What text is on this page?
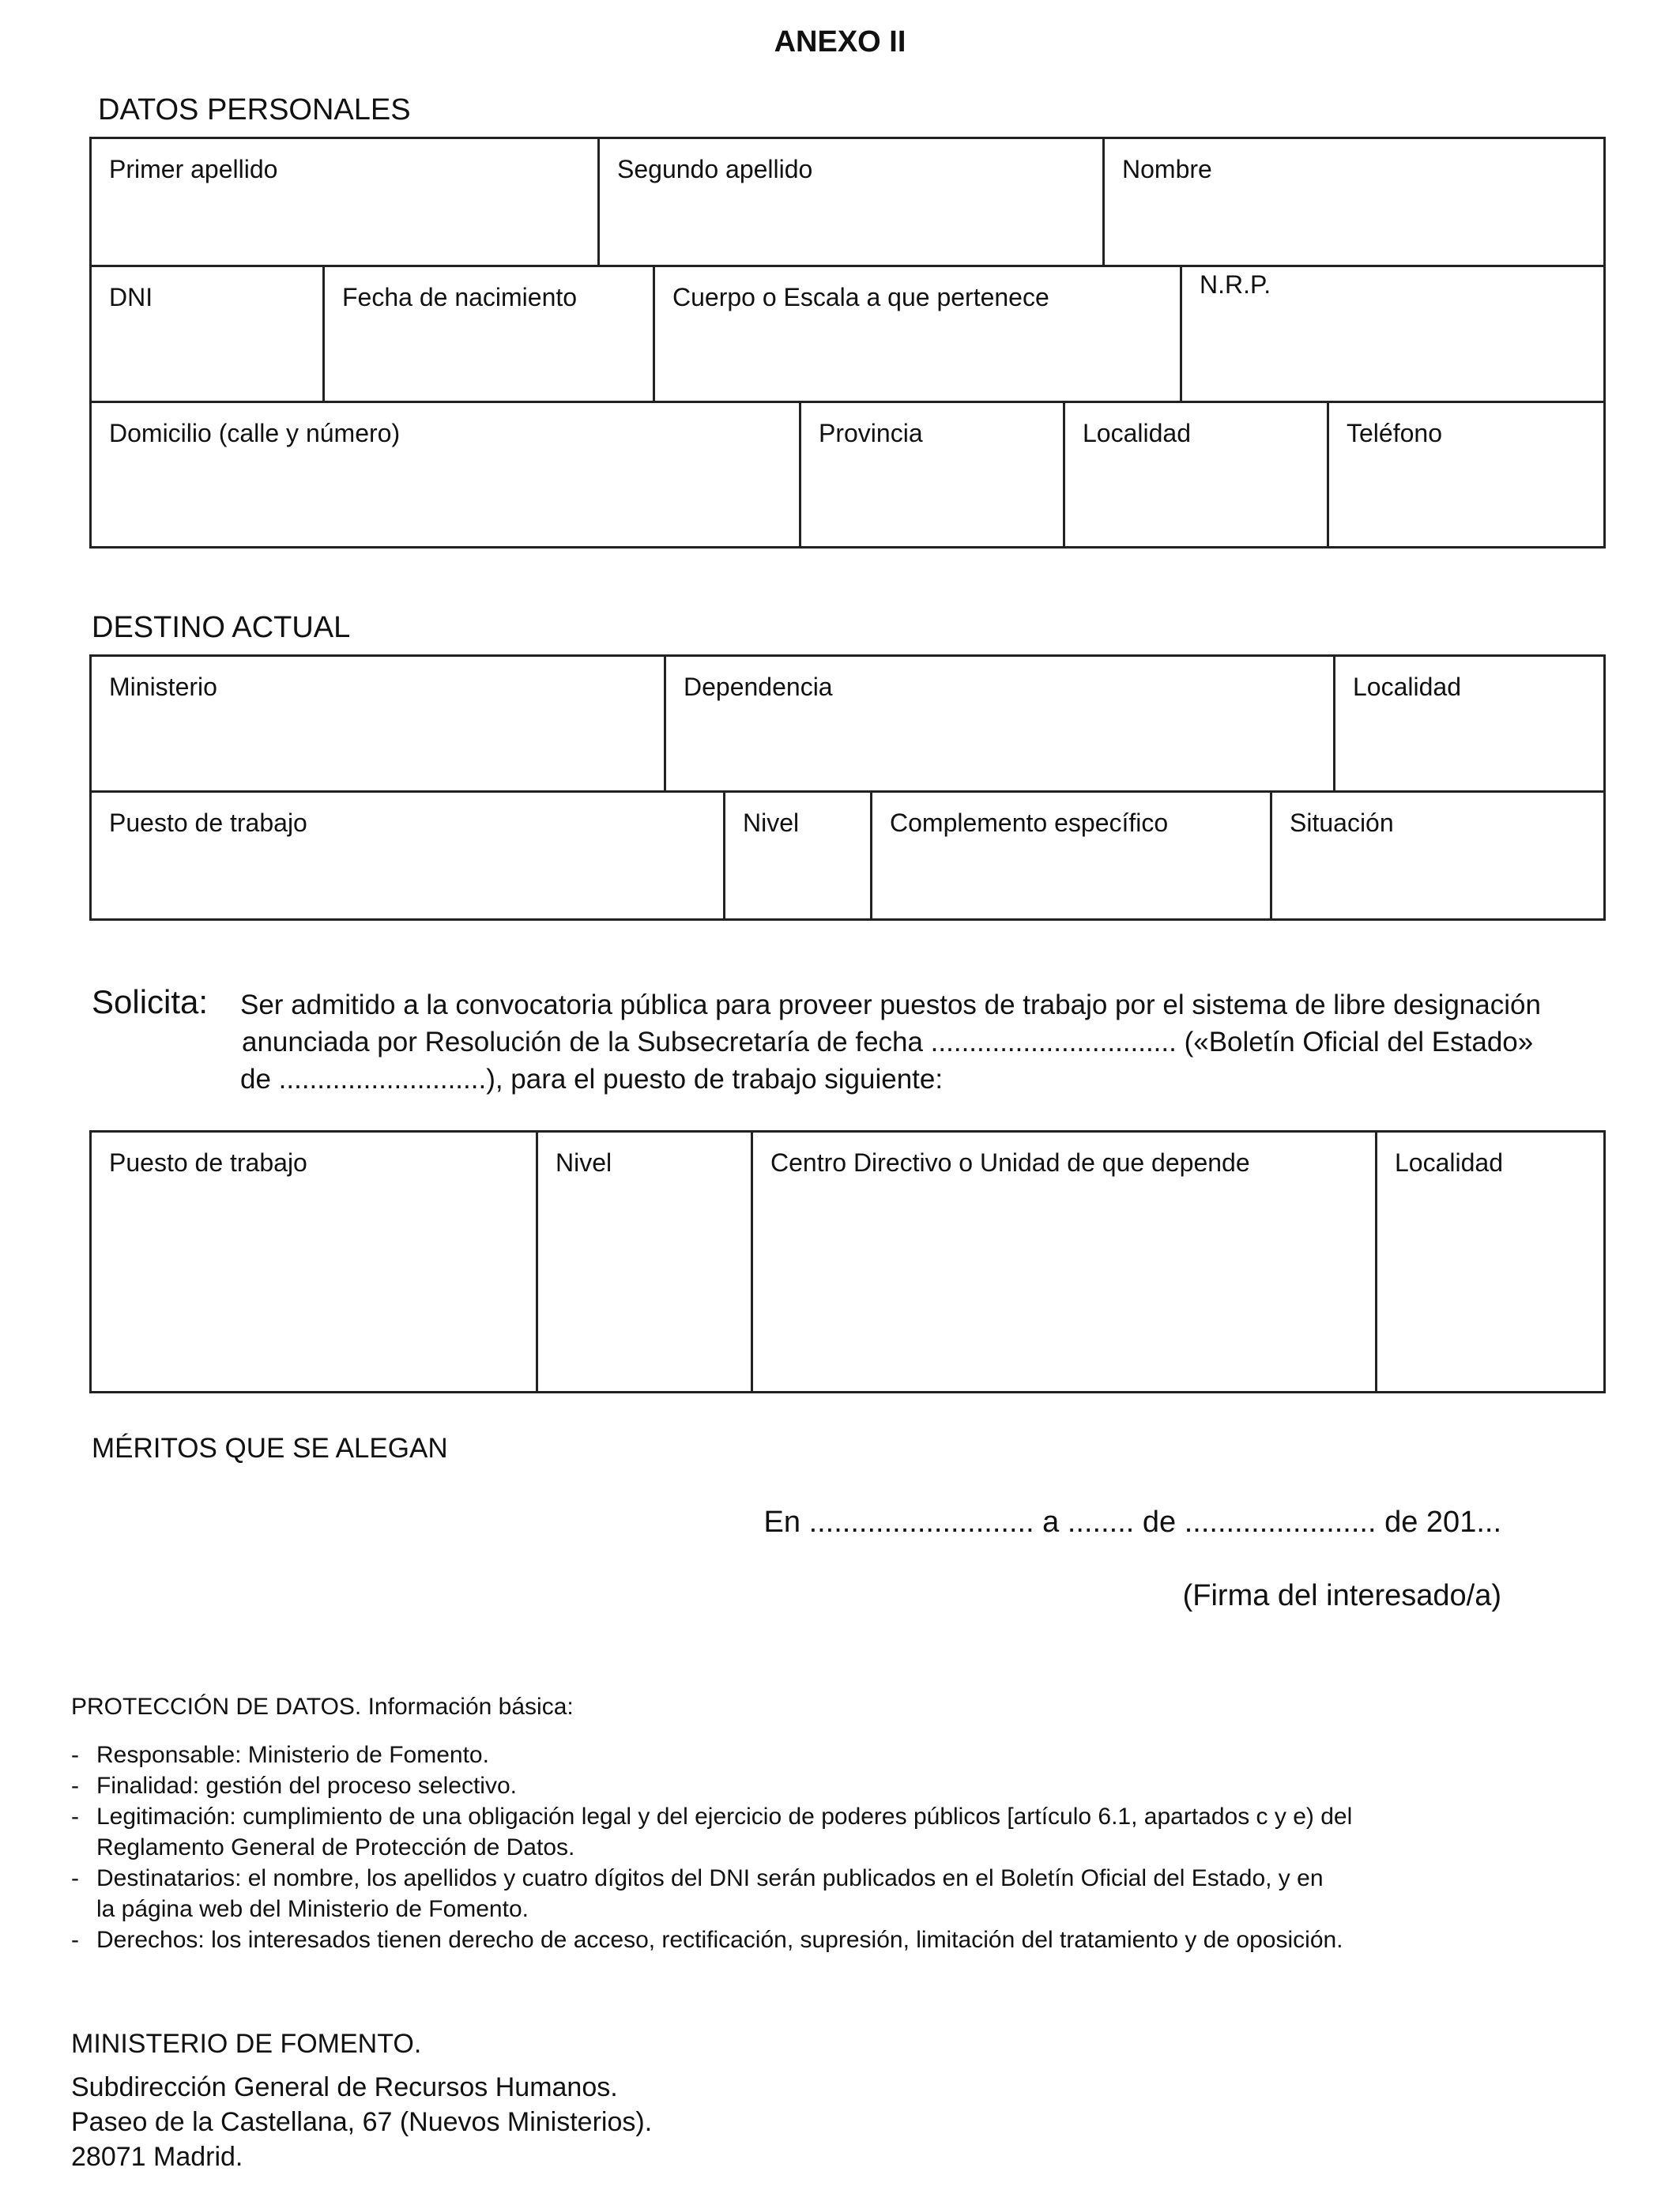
ANEXO II
DATOS PERSONALES
Primer apellido	Segundo apellido	Nombre
DNI	Fecha de nacimiento	Cuerpo o Escala a que pertenece	N.R.P.
Domicilio (calle y número)	Provincia	Localidad	Teléfono
DESTINO ACTUAL
Ministerio	Dependencia	Localidad
Puesto de trabajo	Nivel	Complemento específico	Situación
Solicita: Ser admitido a la convocatoria pública para proveer puestos de trabajo por el sistema de libre designación
anunciada por Resolución de la Subsecretaría de fecha ................................ («Boletín Oficial del Estado»
de ...........................), para el puesto de trabajo siguiente:
Puesto de trabajo	Nivel	Centro Directivo o Unidad de que depende	Localidad
MÉRITOS QUE SE ALEGAN
En ........................... a ........ de ....................... de 201...
(Firma del interesado/a)
PROTECCIÓN DE DATOS. Información básica:
- Responsable: Ministerio de Fomento.
- Finalidad: gestión del proceso selectivo.
- Legitimación: cumplimiento de una obligación legal y del ejercicio de poderes públicos [artículo 6.1, apartados c y e) del
Reglamento General de Protección de Datos.
- Destinatarios: el nombre, los apellidos y cuatro dígitos del DNI serán publicados en el Boletín Oficial del Estado, y en
la página web del Ministerio de Fomento.
- Derechos: los interesados tienen derecho de acceso, rectificación, supresión, limitación del tratamiento y de oposición.
MINISTERIO DE FOMENTO.
Subdirección General de Recursos Humanos.
Paseo de la Castellana, 67 (Nuevos Ministerios).
28071 Madrid.
